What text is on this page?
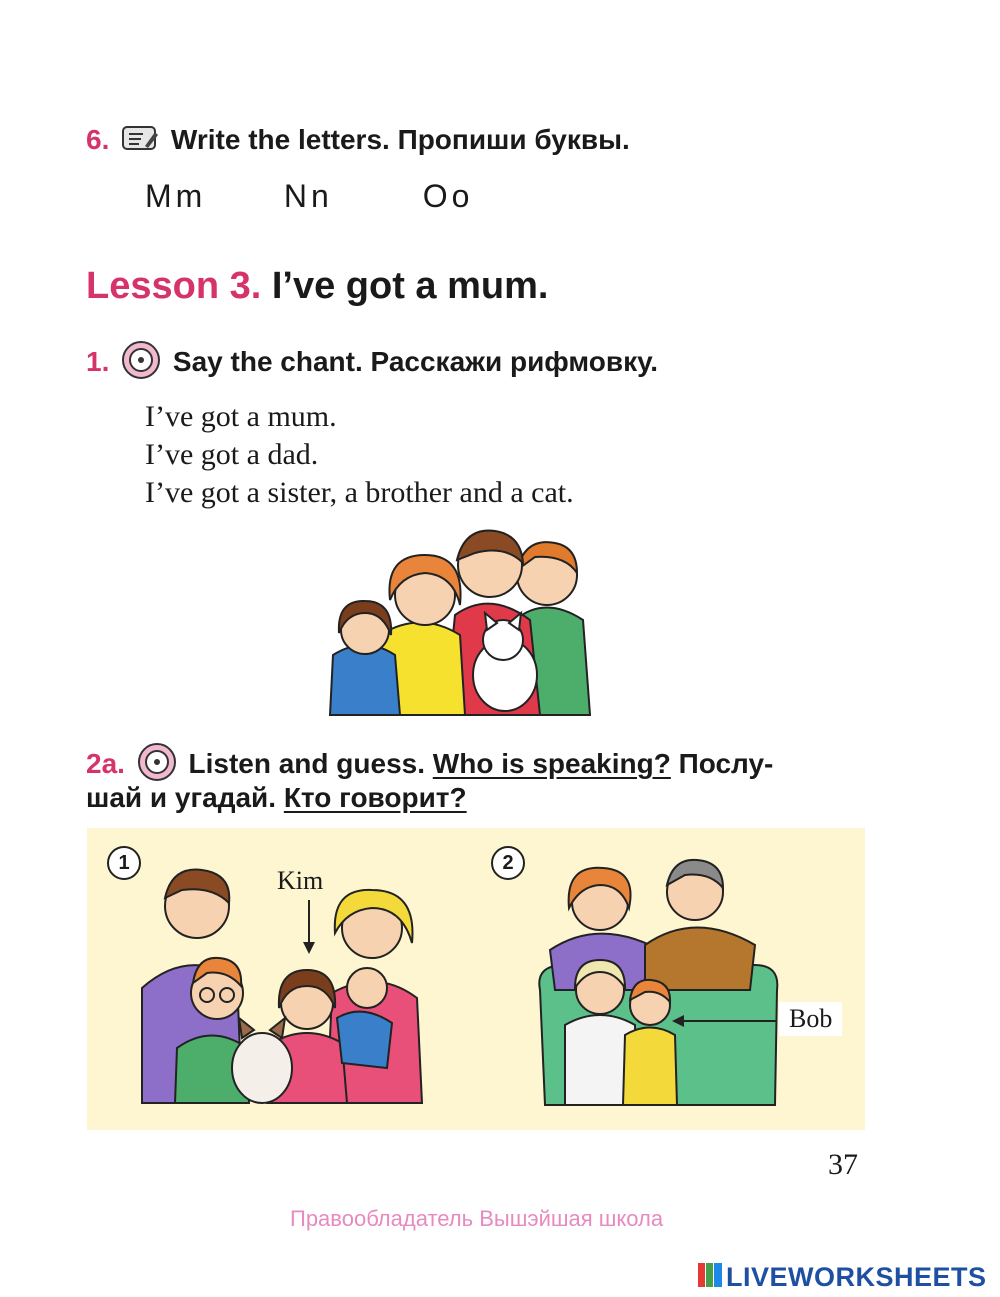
6. Write the letters. Пропиши буквы.
Mm Nn	Oo
Lesson 3. I’ve got a mum.
1. Say the chant. Расскажи рифмовку.
I’ve got a mum.
I’ve got a dad.
I’ve got a sister, a brother and a cat.
2a. Listen and guess. Who is speaking? Послу-
шай и угадай. Кто говорит?
1
Kim
2
Bob
37
Правообладатель Вышэйшая школа
LIVEWORKSHEETS
